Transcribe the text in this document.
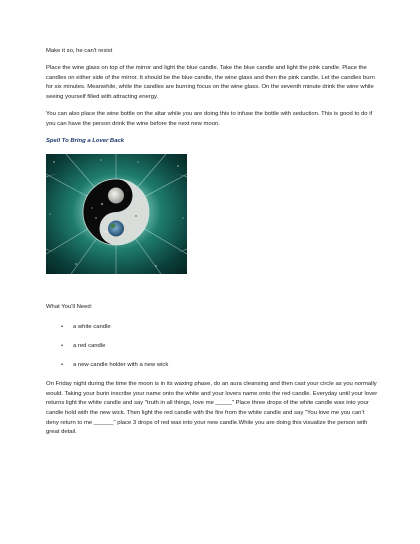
Make it so, he can't resist

Place the wine glass on top of the mirror and light the blue candle. Take the blue candle and light the pink candle. Place the candles on either side of the mirror. It should be the blue candle, the wine glass and then the pink candle. Let the candles burn for six minutes. Meanwhile, while the candles are burning focus on the wine glass. On the seventh minute drink the wine while seeing yourself filled with attracting energy.

You can also place the wine bottle on the altar while you are doing this to infuse the bottle with seduction. This is good to do if you can have the person drink the wine before the next new moon.

Spell To Bring a Lover Back

What You'll Need:

• a white candle
• a red candle
• a new candle holder with a new wick

On Friday night during the time the moon is in its waxing phase, do an aura cleansing and then cast your circle as you normally would. Taking your burin inscribe your name onto the white and your lovers name onto the red candle. Everyday until your lover returns light the white candle and say "truth in all things, love me _____" Place three drops of the white candle wax into your candle hold with the new wick. Then light the red candle with the fire from the white candle and say "You love me you can't deny return to me ______" place 3 drops of red wax into your new candle.While you are doing this visualize the person with great detail.
